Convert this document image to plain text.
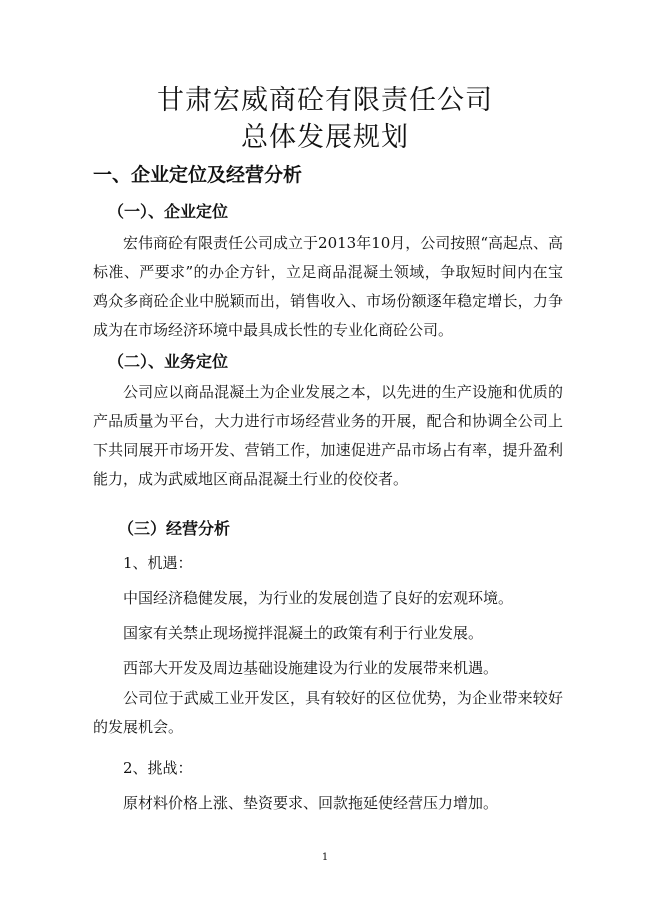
甘肃宏威商砼有限责任公司
总体发展规划
一、企业定位及经营分析
（一）、企业定位

宏伟商砼有限责任公司成立于2013年10月，公司按照“高起点、高标准、严要求”的办企方针，立足商品混凝土领域，争取短时间内在宝鸡众多商砼企业中脱颖而出，销售收入、市场份额逐年稳定增长，力争成为在市场经济环境中最具成长性的专业化商砼公司。

（二）、业务定位

公司应以商品混凝土为企业发展之本，以先进的生产设施和优质的产品质量为平台，大力进行市场经营业务的开展，配合和协调全公司上下共同展开市场开发、营销工作，加速促进产品市场占有率，提升盈利能力，成为武威地区商品混凝土行业的佼佼者。

（三）经营分析

1、机遇：

中国经济稳健发展，为行业的发展创造了良好的宏观环境。

国家有关禁止现场搅拌混凝土的政策有利于行业发展。

西部大开发及周边基础设施建设为行业的发展带来机遇。

公司位于武威工业开发区，具有较好的区位优势，为企业带来较好的发展机会。

2、挑战：

原材料价格上涨、垫资要求、回款拖延使经营压力增加。

1
